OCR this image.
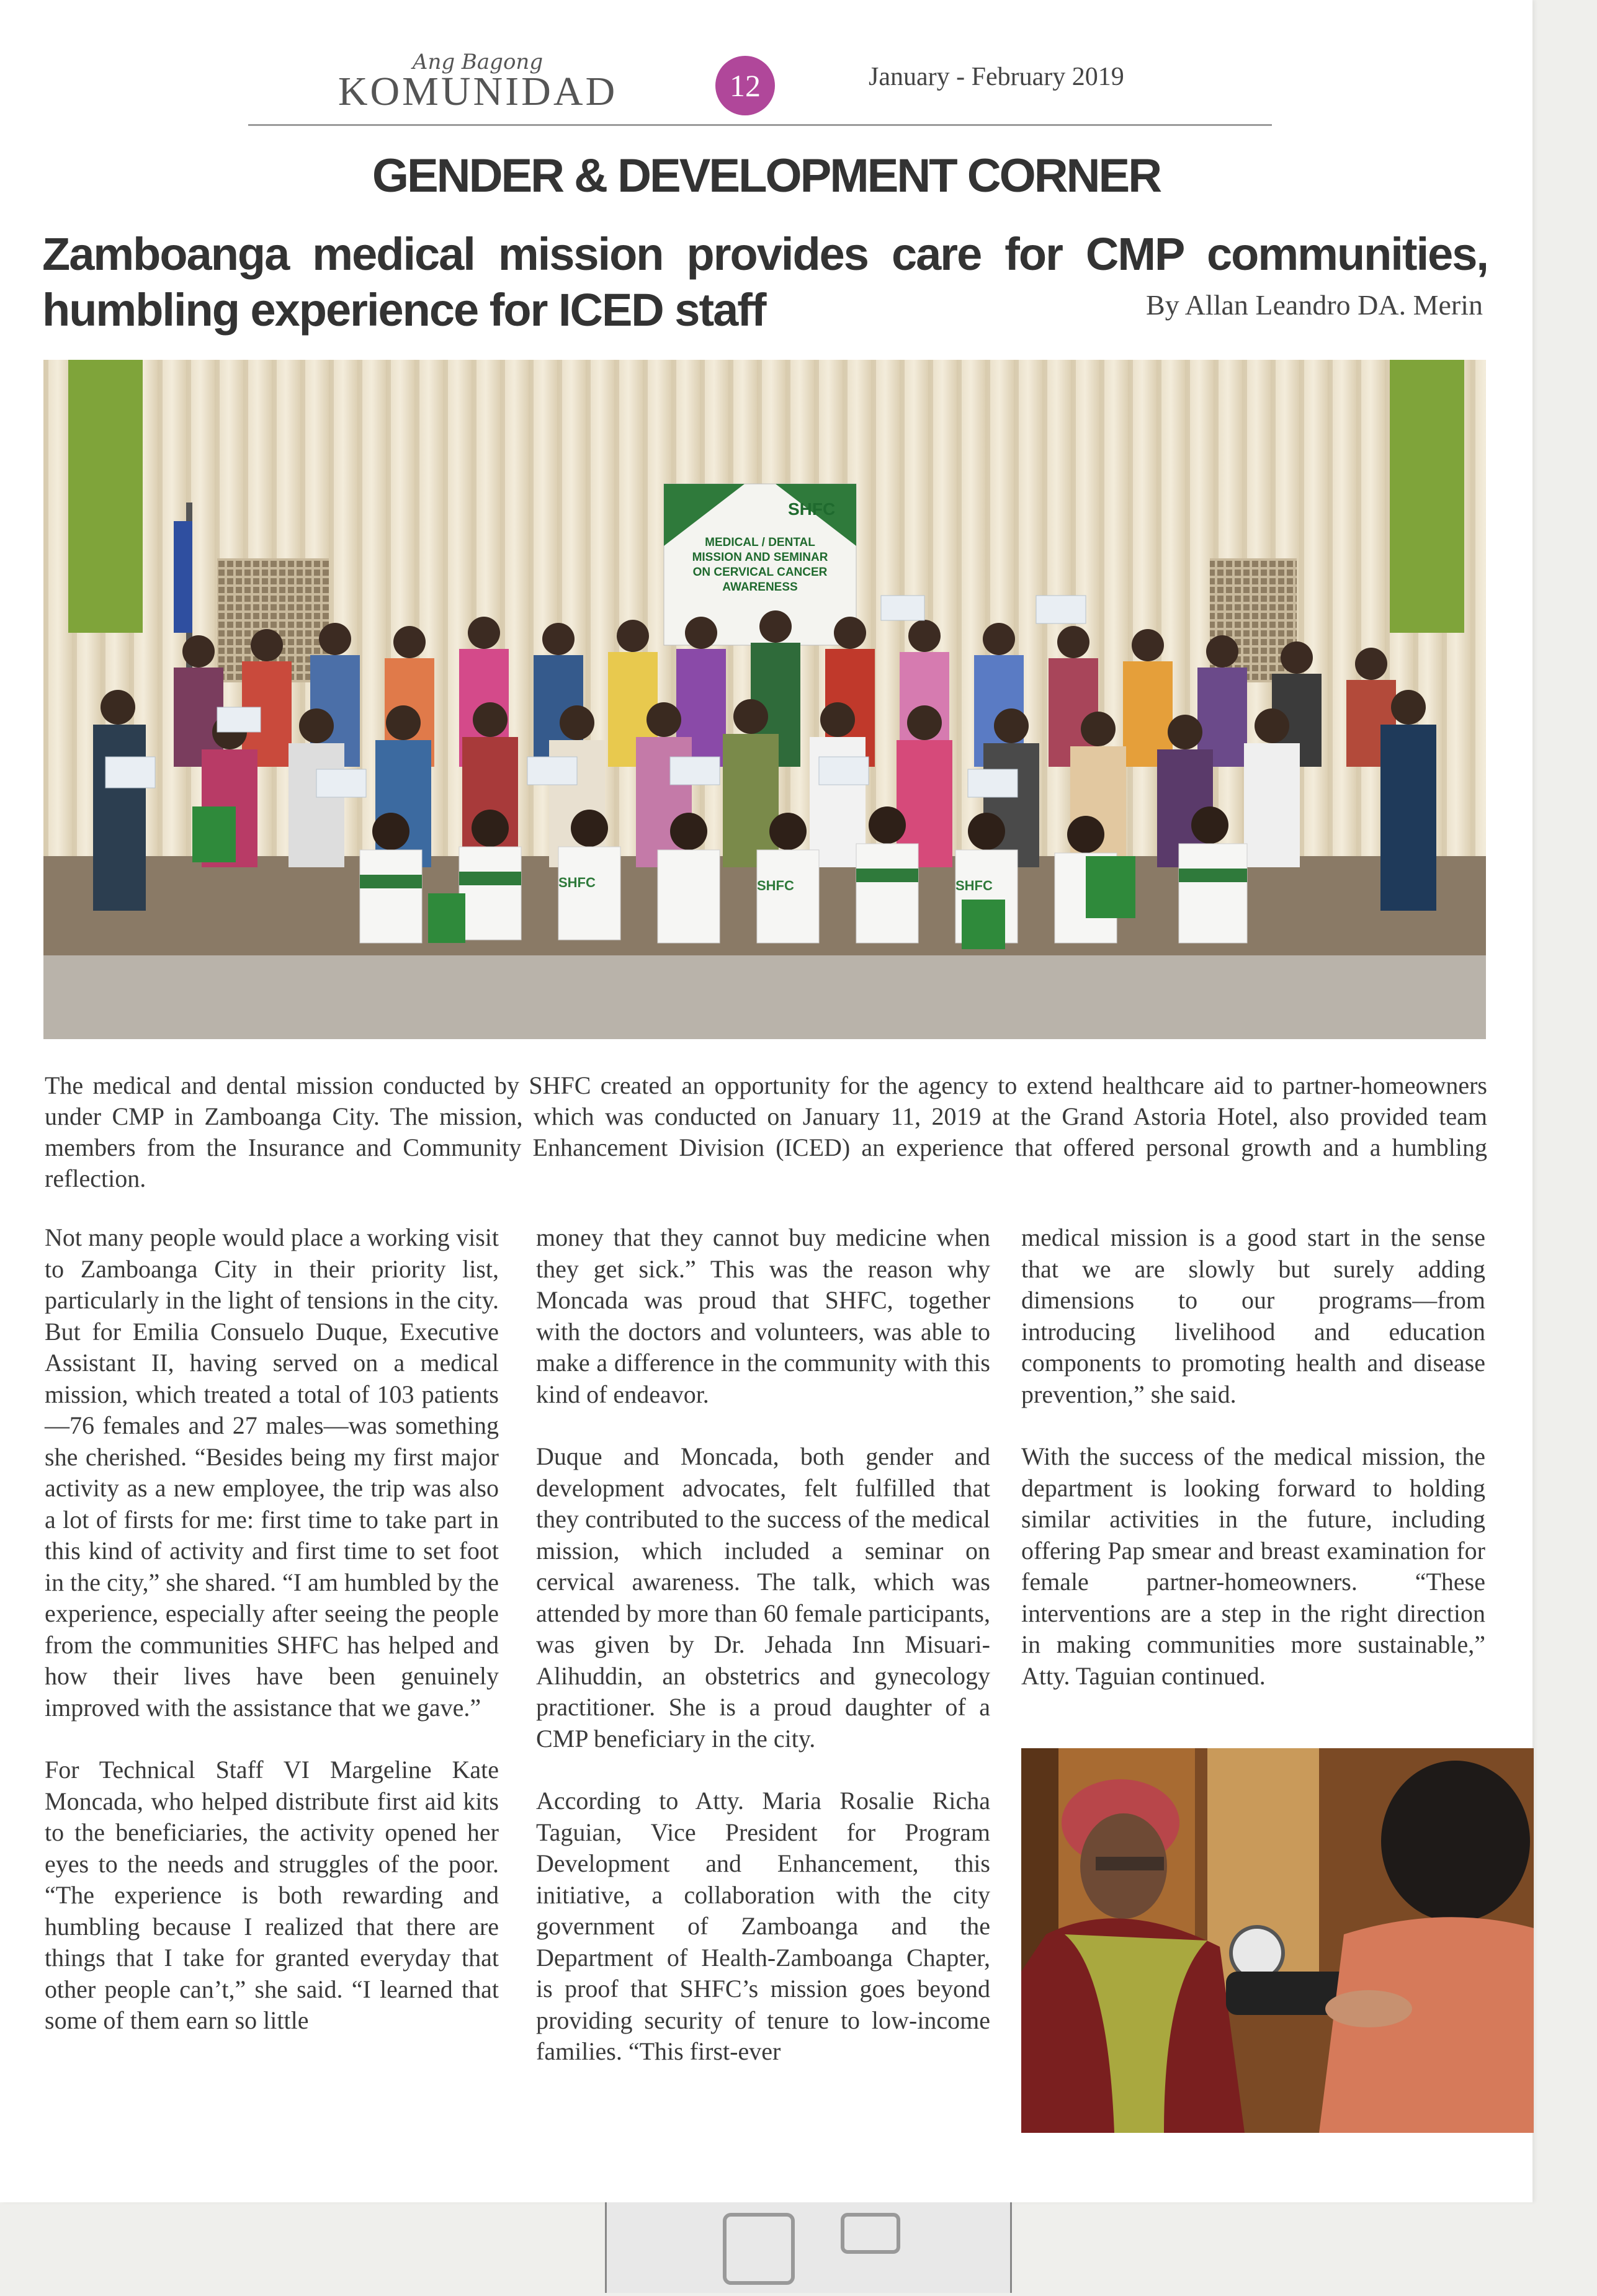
Ang Bagong
KOMUNIDAD	12	January - February 2019
GENDER & DEVELOPMENT CORNER
Zamboanga medical mission provides care for CMP communities, humbling experience for ICED staff	By Allan Leandro DA. Merin
SHFC
MEDICAL / DENTAL
MISSION AND SEMINAR
ON CERVICAL CANCER
AWARENESS
SHFC	SHFC	SHFC
The medical and dental mission conducted by SHFC created an opportunity for the agency to extend healthcare aid to partner-homeowners under CMP in Zamboanga City. The mission, which was conducted on January 11, 2019 at the Grand Astoria Hotel, also provided team members from the Insurance and Community Enhancement Division (ICED) an experience that offered personal growth and a humbling reflection.

Not many people would place a working visit to Zamboanga City in their priority list, particularly in the light of tensions in the city. But for Emilia Consuelo Duque, Executive Assistant II, having served on a medical mission, which treated a total of 103 patients—76 females and 27 males—was something she cherished. “Besides being my first major activity as a new employee, the trip was also a lot of firsts for me: first time to take part in this kind of activity and first time to set foot in the city,” she shared. “I am humbled by the experience, especially after seeing the people from the communities SHFC has helped and how their lives have been genuinely improved with the assistance that we gave.”

For Technical Staff VI Margeline Kate Moncada, who helped distribute first aid kits to the beneficiaries, the activity opened her eyes to the needs and struggles of the poor. “The experience is both rewarding and humbling because I realized that there are things that I take for granted everyday that other people can’t,” she said. “I learned that some of them earn so little

money that they cannot buy medicine when they get sick.” This was the reason why Moncada was proud that SHFC, together with the doctors and volunteers, was able to make a difference in the community with this kind of endeavor.

Duque and Moncada, both gender and development advocates, felt fulfilled that they contributed to the success of the medical mission, which included a seminar on cervical awareness. The talk, which was attended by more than 60 female participants, was given by Dr. Jehada Inn Misuari-Alihuddin, an obstetrics and gynecology practitioner. She is a proud daughter of a CMP beneficiary in the city.

According to Atty. Maria Rosalie Richa Taguian, Vice President for Program Development and Enhancement, this initiative, a collaboration with the city government of Zamboanga and the Department of Health-Zamboanga Chapter, is proof that SHFC’s mission goes beyond providing security of tenure to low-income families. “This first-ever

medical mission is a good start in the sense that we are slowly but surely adding dimensions to our programs—from introducing livelihood and education components to promoting health and disease prevention,” she said.

With the success of the medical mission, the department is looking forward to holding similar activities in the future, including offering Pap smear and breast examination for female partner-homeowners. “These interventions are a step in the right direction in making communities more sustainable,” Atty. Taguian continued.
